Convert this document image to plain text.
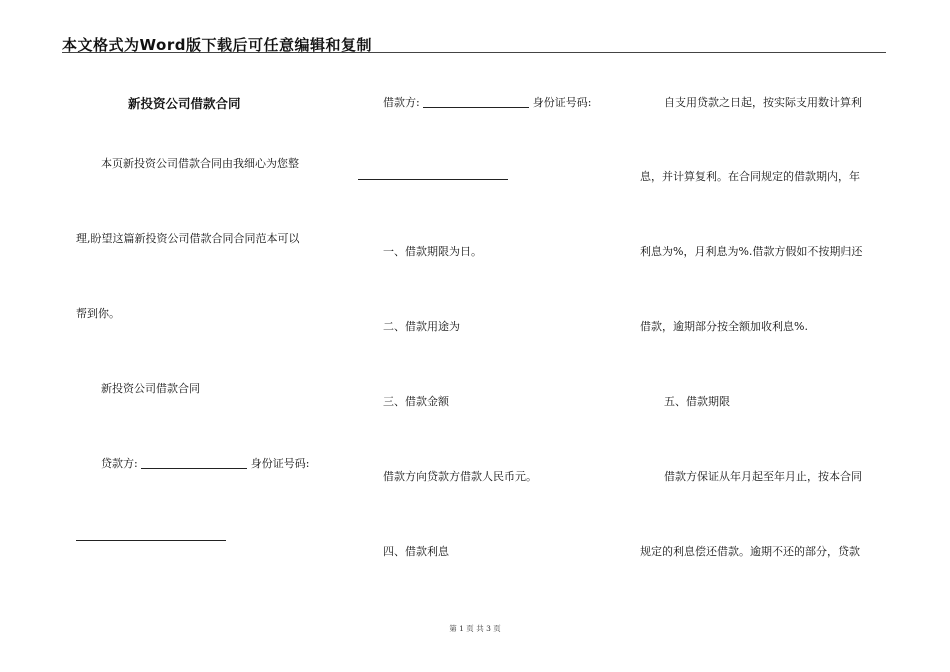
本文格式为Word版下载后可任意编辑和复制
新投资公司借款合同
本页新投资公司借款合同由我细心为您整
理,盼望这篇新投资公司借款合同合同范本可以
帮到你。
新投资公司借款合同
贷款方:	身份证号码:
借款方:	身份证号码:
一、借款期限为日。
二、借款用途为
三、借款金额
借款方向贷款方借款人民币元。
四、借款利息
自支用贷款之日起，按实际支用数计算利
息，并计算复利。在合同规定的借款期内，年
利息为%，月利息为%.借款方假如不按期归还
借款，逾期部分按全额加收利息%.
五、借款期限
借款方保证从年月起至年月止，按本合同
规定的利息偿还借款。逾期不还的部分，贷款
第 1 页 共 3 页
